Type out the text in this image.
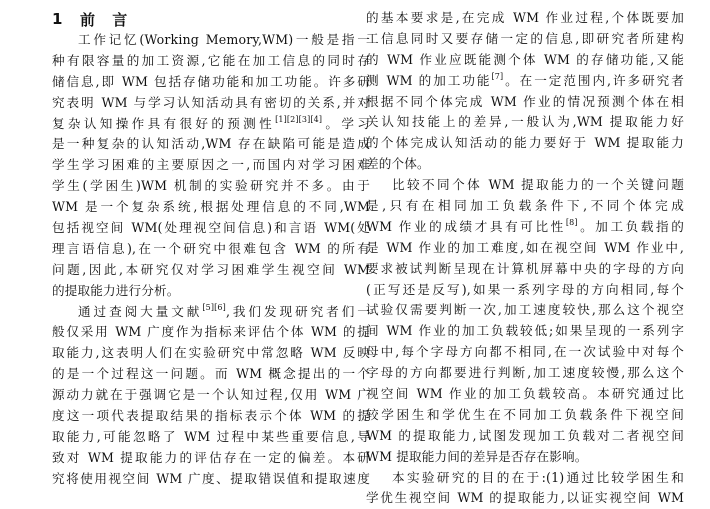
1	前 言
工作记忆(Working Memory,WM)一般是指一
种有限容量的加工资源,它能在加工信息的同时存
储信息,即 WM 包括存储功能和加工功能。许多研
究表明 WM 与学习认知活动具有密切的关系,并对
复杂认知操作具有很好的预测性[1][2][3][4]。学习
是一种复杂的认知活动,WM 存在缺陷可能是造成
学生学习困难的主要原因之一,而国内对学习困难
学生(学困生)WM 机制的实验研究并不多。由于
WM 是一个复杂系统,根据处理信息的不同,WM
包括视空间 WM(处理视空间信息)和言语 WM(处
理言语信息),在一个研究中很难包含 WM 的所有
问题,因此,本研究仅对学习困难学生视空间 WM
的提取能力进行分析。
通过查阅大量文献[5][6],我们发现研究者们一
般仅采用 WM 广度作为指标来评估个体 WM 的提
取能力,这表明人们在实验研究中常忽略 WM 反映
的是一个过程这一问题。而 WM 概念提出的一个
源动力就在于强调它是一个认知过程,仅用 WM 广
度这一项代表提取结果的指标表示个体 WM 的提
取能力,可能忽略了 WM 过程中某些重要信息,导
致对 WM 提取能力的评估存在一定的偏差。本研
究将使用视空间 WM 广度、提取错误值和提取速度
的基本要求是,在完成 WM 作业过程,个体既要加
工信息同时又要存储一定的信息,即研究者所建构
的 WM 作业应既能测个体 WM 的存储功能,又能
测 WM 的加工功能[7]。在一定范围内,许多研究者
根据不同个体完成 WM 作业的情况预测个体在相
关认知技能上的差异,一般认为,WM 提取能力好
的个体完成认知活动的能力要好于 WM 提取能力
差的个体。
比较不同个体 WM 提取能力的一个关键问题
是,只有在相同加工负载条件下,不同个体完成
WM 作业的成绩才具有可比性[8]。加工负载指的
是 WM 作业的加工难度,如在视空间 WM 作业中,
要求被试判断呈现在计算机屏幕中央的字母的方向
(正写还是反写),如果一系列字母的方向相同,每个
试验仅需要判断一次,加工速度较快,那么这个视空
间 WM 作业的加工负载较低;如果呈现的一系列字
母中,每个字母方向都不相同,在一次试验中对每个
字母的方向都要进行判断,加工速度较慢,那么这个
视空间 WM 作业的加工负载较高。本研究通过比
较学困生和学优生在不同加工负载条件下视空间
WM 的提取能力,试图发现加工负载对二者视空间
WM 提取能力间的差异是否存在影响。
本实验研究的目的在于:(1)通过比较学困生和
学优生视空间 WM 的提取能力,以证实视空间 WM
